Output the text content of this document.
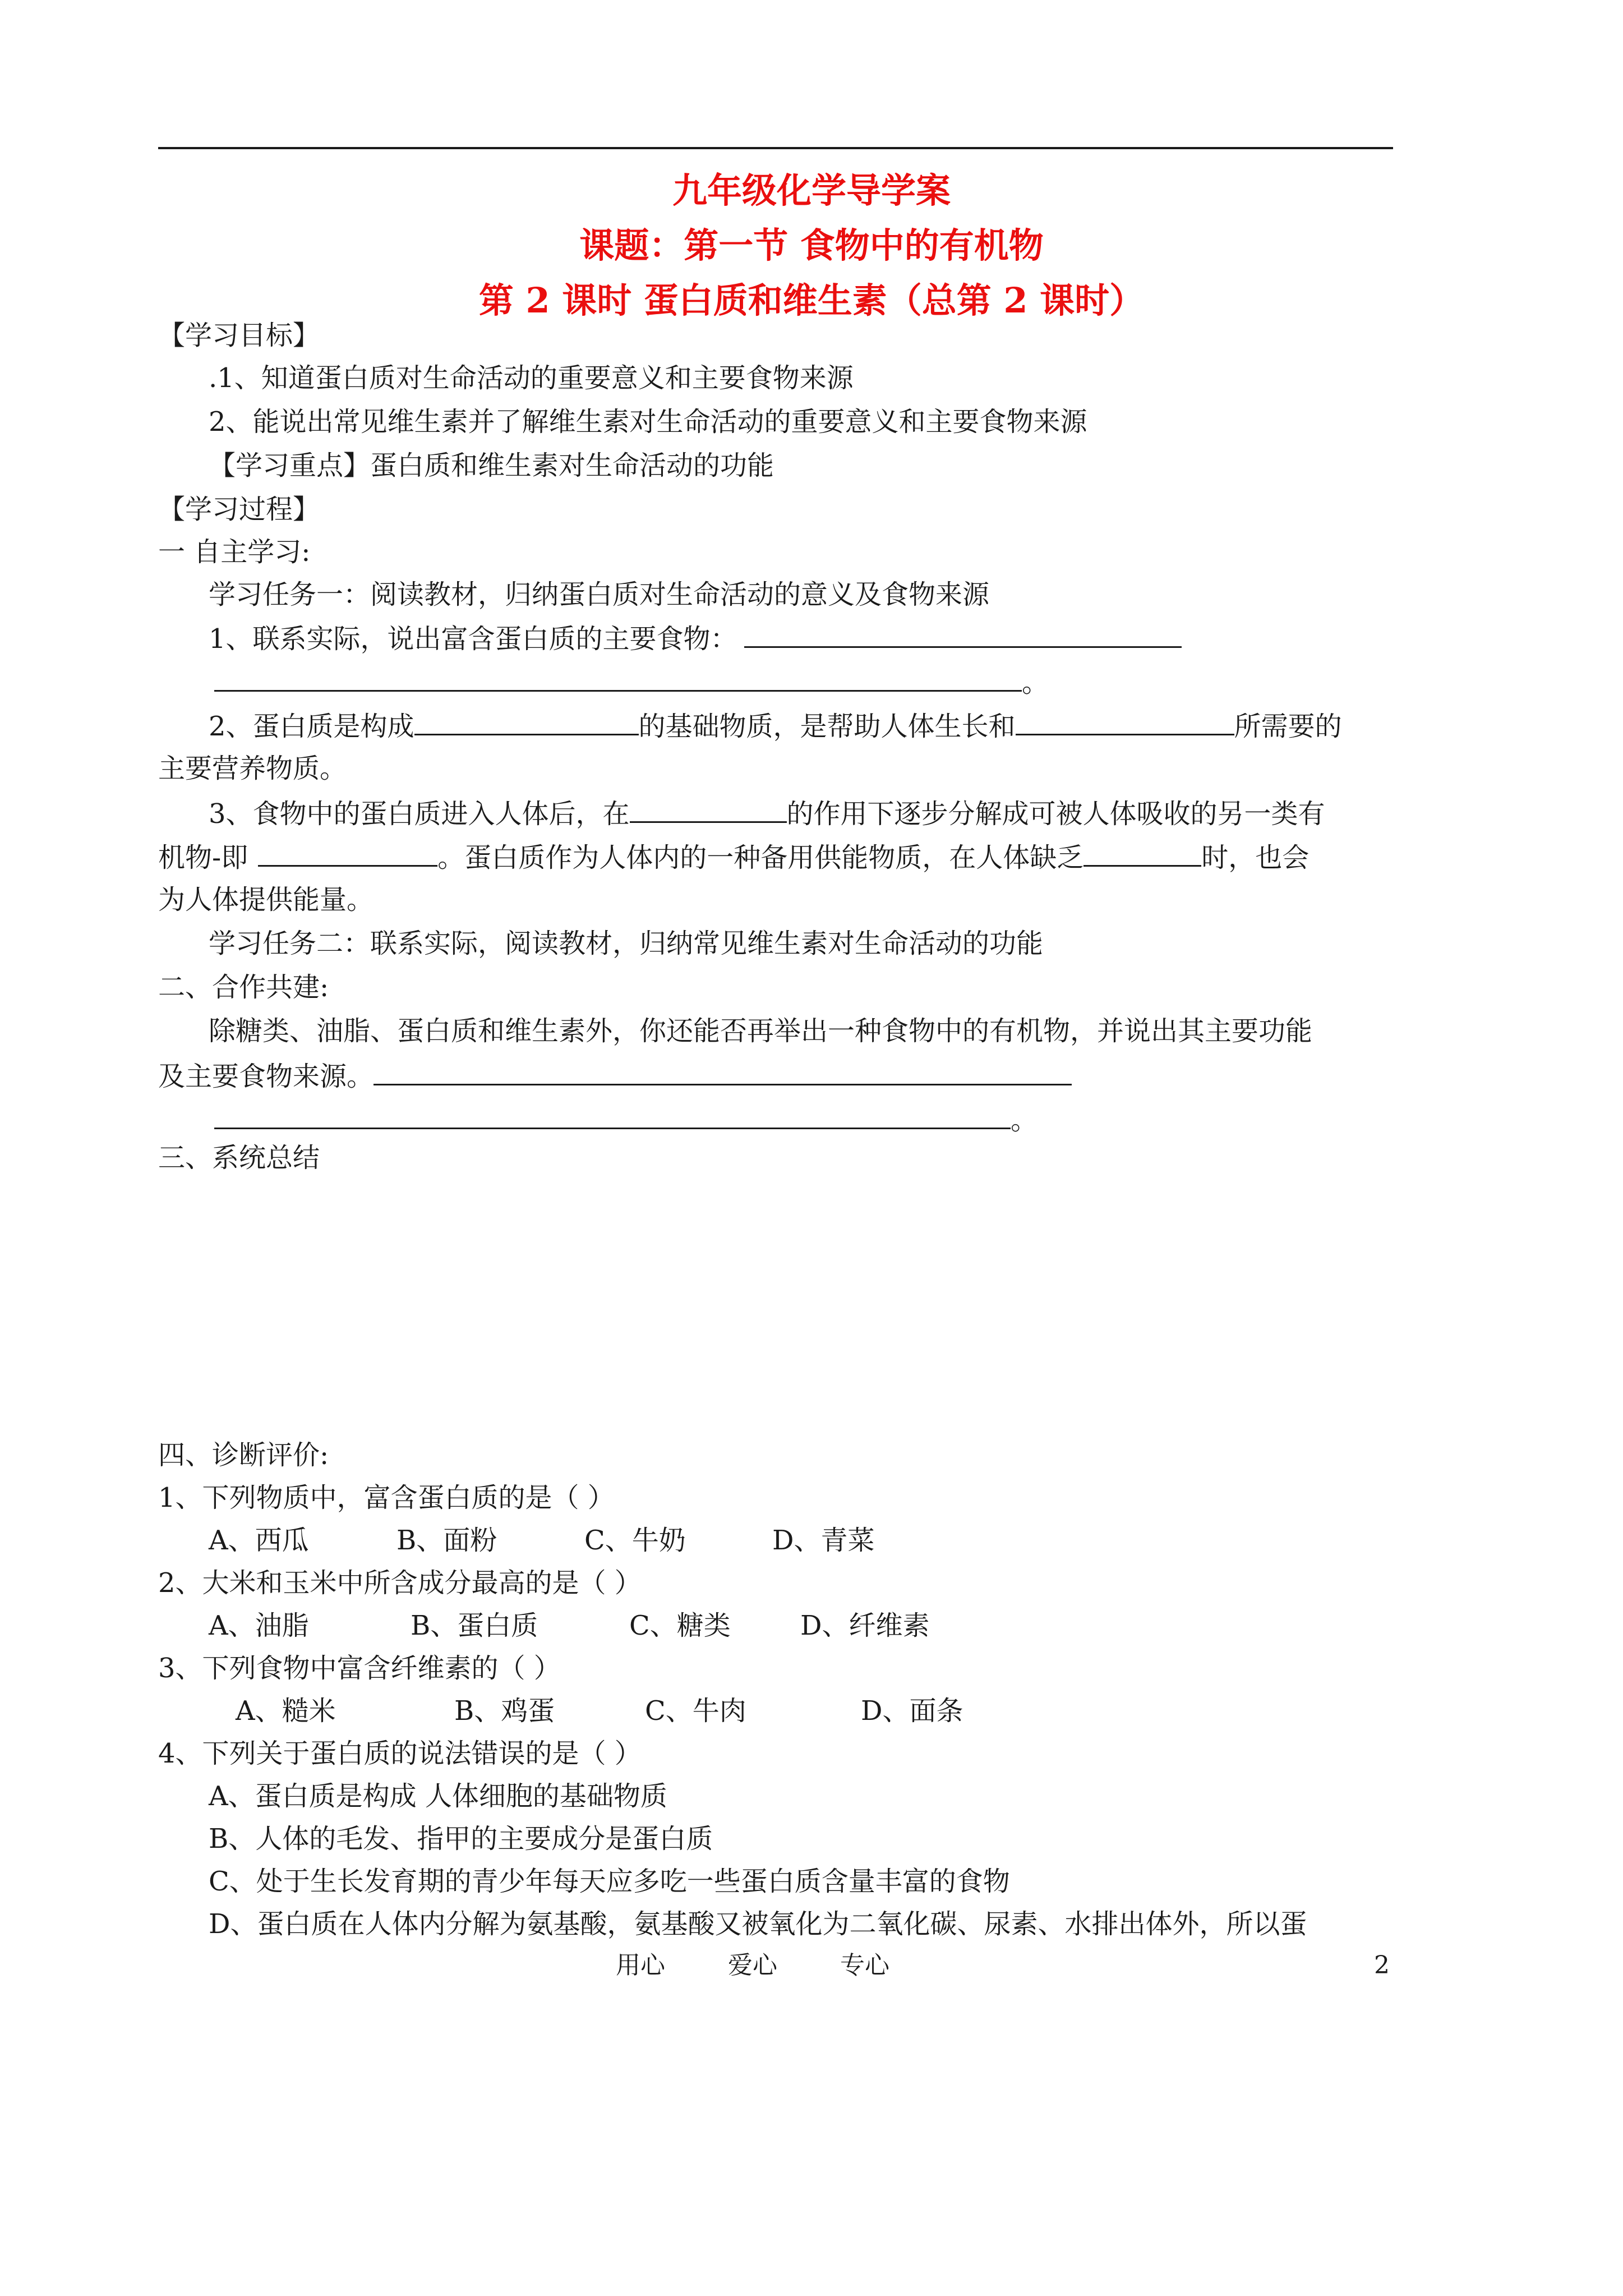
九年级化学导学案
课题：第一节 食物中的有机物
第 2 课时 蛋白质和维生素（总第 2 课时）
【学习目标】
.1、知道蛋白质对生命活动的重要意义和主要食物来源
2、能说出常见维生素并了解维生素对生命活动的重要意义和主要食物来源
【学习重点】蛋白质和维生素对生命活动的功能
【学习过程】
一 自主学习:
学习任务一：阅读教材，归纳蛋白质对生命活动的意义及食物来源
1、联系实际，说出富含蛋白质的主要食物：
。
2、蛋白质是构成	的基础物质，是帮助人体生长和	所需要的
主要营养物质。
3、食物中的蛋白质进入人体后，在	的作用下逐步分解成可被人体吸收的另一类有
机物-即	。蛋白质作为人体内的一种备用供能物质，在人体缺乏	时，也会
为人体提供能量。
学习任务二：联系实际，阅读教材，归纳常见维生素对生命活动的功能
二、合作共建:
除糖类、油脂、蛋白质和维生素外，你还能否再举出一种食物中的有机物，并说出其主要功能
及主要食物来源。
。
三、系统总结
四、诊断评价:
1、下列物质中，富含蛋白质的是（ ）
A、西瓜	B、面粉	C、牛奶	D、青菜
2、大米和玉米中所含成分最高的是（ ）
A、油脂	B、蛋白质	C、糖类	D、纤维素
3、下列食物中富含纤维素的（ ）
A、糙米	B、鸡蛋	C、牛肉	D、面条
4、下列关于蛋白质的说法错误的是（ ）
A、蛋白质是构成 人体细胞的基础物质
B、人体的毛发、指甲的主要成分是蛋白质
C、处于生长发育期的青少年每天应多吃一些蛋白质含量丰富的食物
D、蛋白质在人体内分解为氨基酸，氨基酸又被氧化为二氧化碳、尿素、水排出体外，所以蛋
用心	爱心	专心	2
